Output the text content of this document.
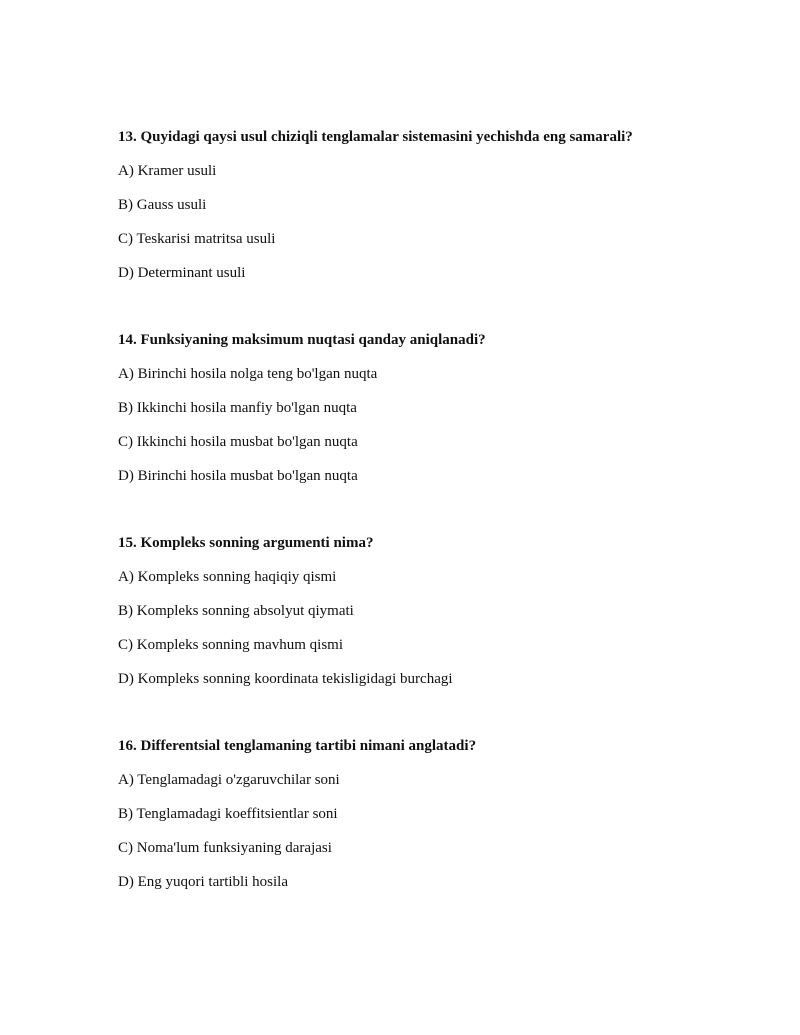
13. Quyidagi qaysi usul chiziqli tenglamalar sistemasini yechishda eng samarali?

A) Kramer usuli
B) Gauss usuli
C) Teskarisi matritsa usuli
D) Determinant usuli

14. Funksiyaning maksimum nuqtasi qanday aniqlanadi?

A) Birinchi hosila nolga teng bo'lgan nuqta
B) Ikkinchi hosila manfiy bo'lgan nuqta
C) Ikkinchi hosila musbat bo'lgan nuqta
D) Birinchi hosila musbat bo'lgan nuqta

15. Kompleks sonning argumenti nima?

A) Kompleks sonning haqiqiy qismi
B) Kompleks sonning absolyut qiymati
C) Kompleks sonning mavhum qismi
D) Kompleks sonning koordinata tekisligidagi burchagi

16. Differentsial tenglamaning tartibi nimani anglatadi?

A) Tenglamadagi o'zgaruvchilar soni
B) Tenglamadagi koeffitsientlar soni
C) Noma'lum funksiyaning darajasi
D) Eng yuqori tartibli hosila
